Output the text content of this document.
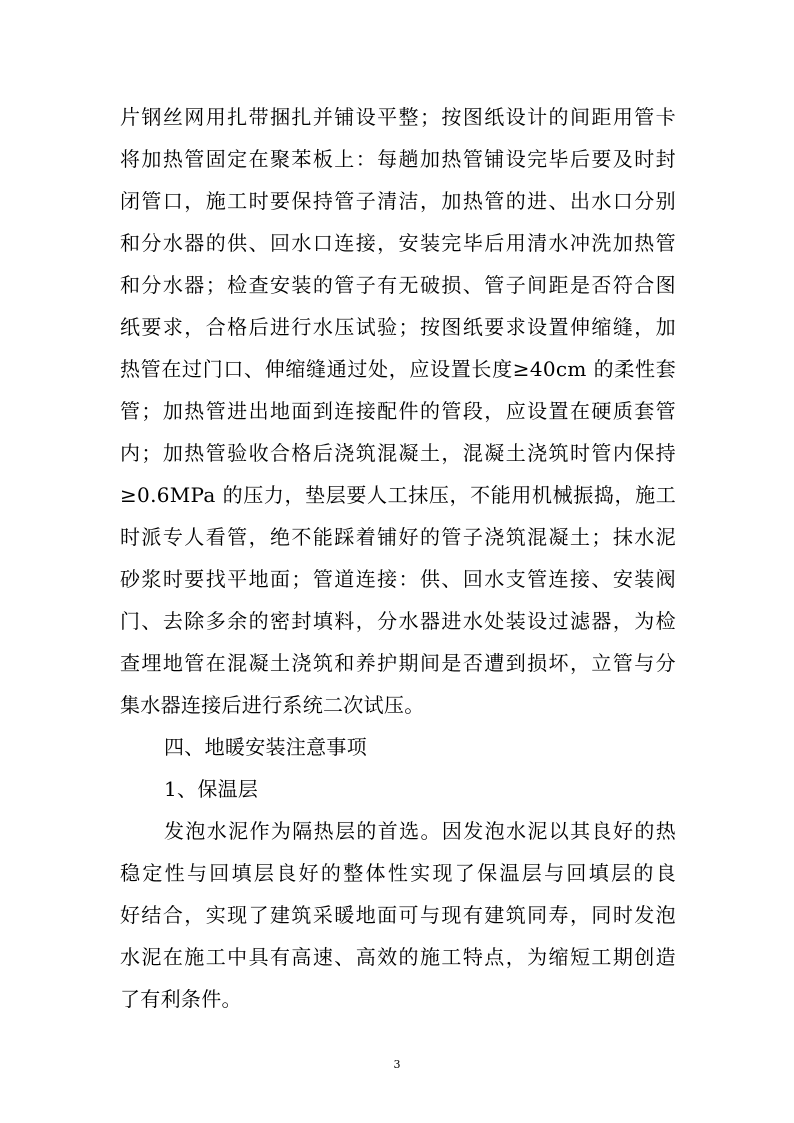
片钢丝网用扎带捆扎并铺设平整；按图纸设计的间距用管卡
将加热管固定在聚苯板上：每趟加热管铺设完毕后要及时封
闭管口，施工时要保持管子清洁，加热管的进、出水口分别
和分水器的供、回水口连接，安装完毕后用清水冲洗加热管
和分水器；检查安装的管子有无破损、管子间距是否符合图
纸要求，合格后进行水压试验；按图纸要求设置伸缩缝，加
热管在过门口、伸缩缝通过处，应设置长度≥40cm 的柔性套
管；加热管进出地面到连接配件的管段，应设置在硬质套管
内；加热管验收合格后浇筑混凝土，混凝土浇筑时管内保持
≥0.6MPa 的压力，垫层要人工抹压，不能用机械振捣，施工
时派专人看管，绝不能踩着铺好的管子浇筑混凝土；抹水泥
砂浆时要找平地面；管道连接：供、回水支管连接、安装阀
门、去除多余的密封填料，分水器进水处装设过滤器，为检
查埋地管在混凝土浇筑和养护期间是否遭到损坏，立管与分
集水器连接后进行系统二次试压。
四、地暖安装注意事项
1、保温层
发泡水泥作为隔热层的首选。因发泡水泥以其良好的热
稳定性与回填层良好的整体性实现了保温层与回填层的良
好结合，实现了建筑采暖地面可与现有建筑同寿，同时发泡
水泥在施工中具有高速、高效的施工特点，为缩短工期创造
了有利条件。
3
